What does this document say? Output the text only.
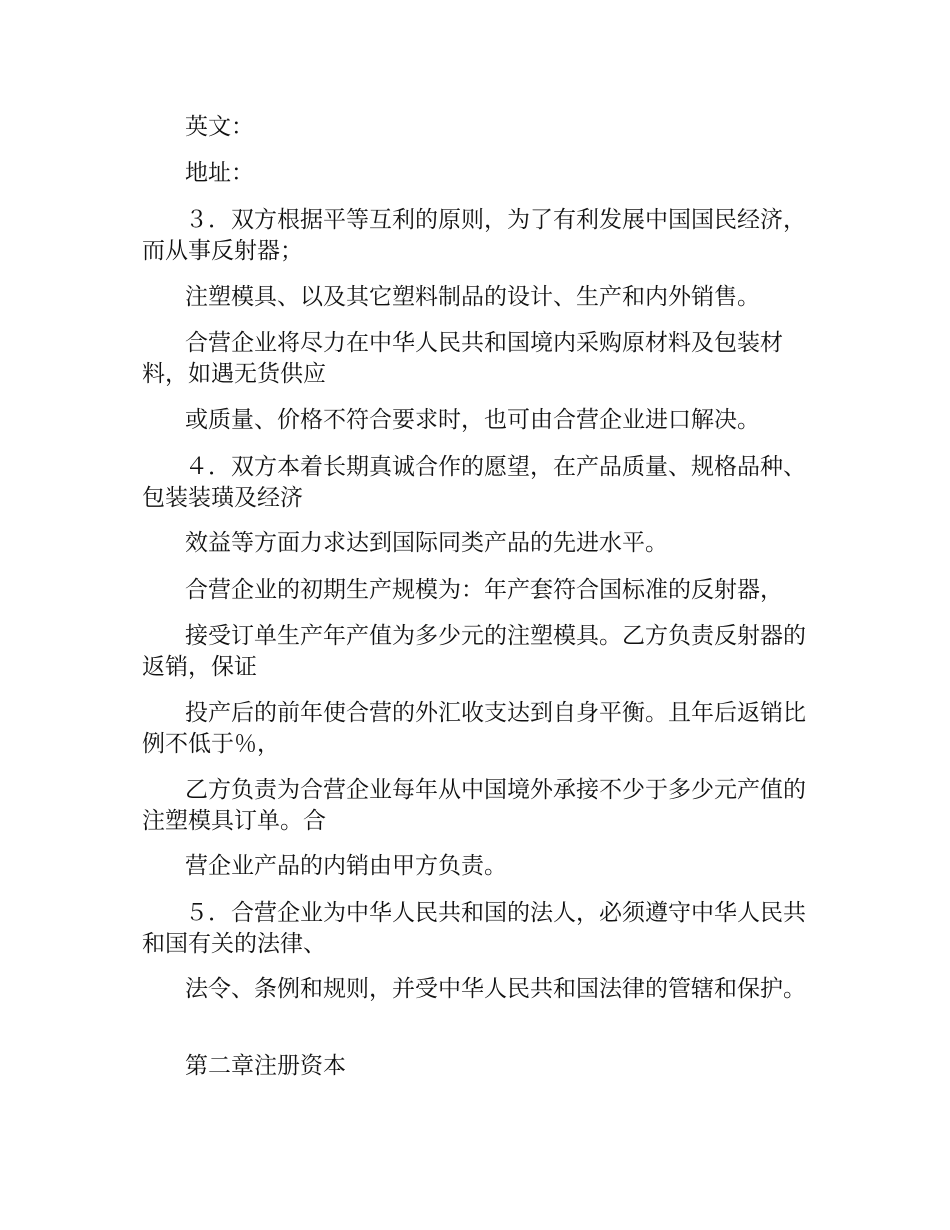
英文：

地址：

３．双方根据平等互利的原则，为了有利发展中国国民经济，而从事反射器；

注塑模具、以及其它塑料制品的设计、生产和内外销售。

合营企业将尽力在中华人民共和国境内采购原材料及包装材料，如遇无货供应

或质量、价格不符合要求时，也可由合营企业进口解决。

４．双方本着长期真诚合作的愿望，在产品质量、规格品种、包装装璜及经济

效益等方面力求达到国际同类产品的先进水平。

合营企业的初期生产规模为：年产套符合国标准的反射器，

接受订单生产年产值为多少元的注塑模具。乙方负责反射器的返销，保证

投产后的前年使合营的外汇收支达到自身平衡。且年后返销比例不低于％，

乙方负责为合营企业每年从中国境外承接不少于多少元产值的注塑模具订单。合

营企业产品的内销由甲方负责。

５．合营企业为中华人民共和国的法人，必须遵守中华人民共和国有关的法律、

法令、条例和规则，并受中华人民共和国法律的管辖和保护。

第二章注册资本
